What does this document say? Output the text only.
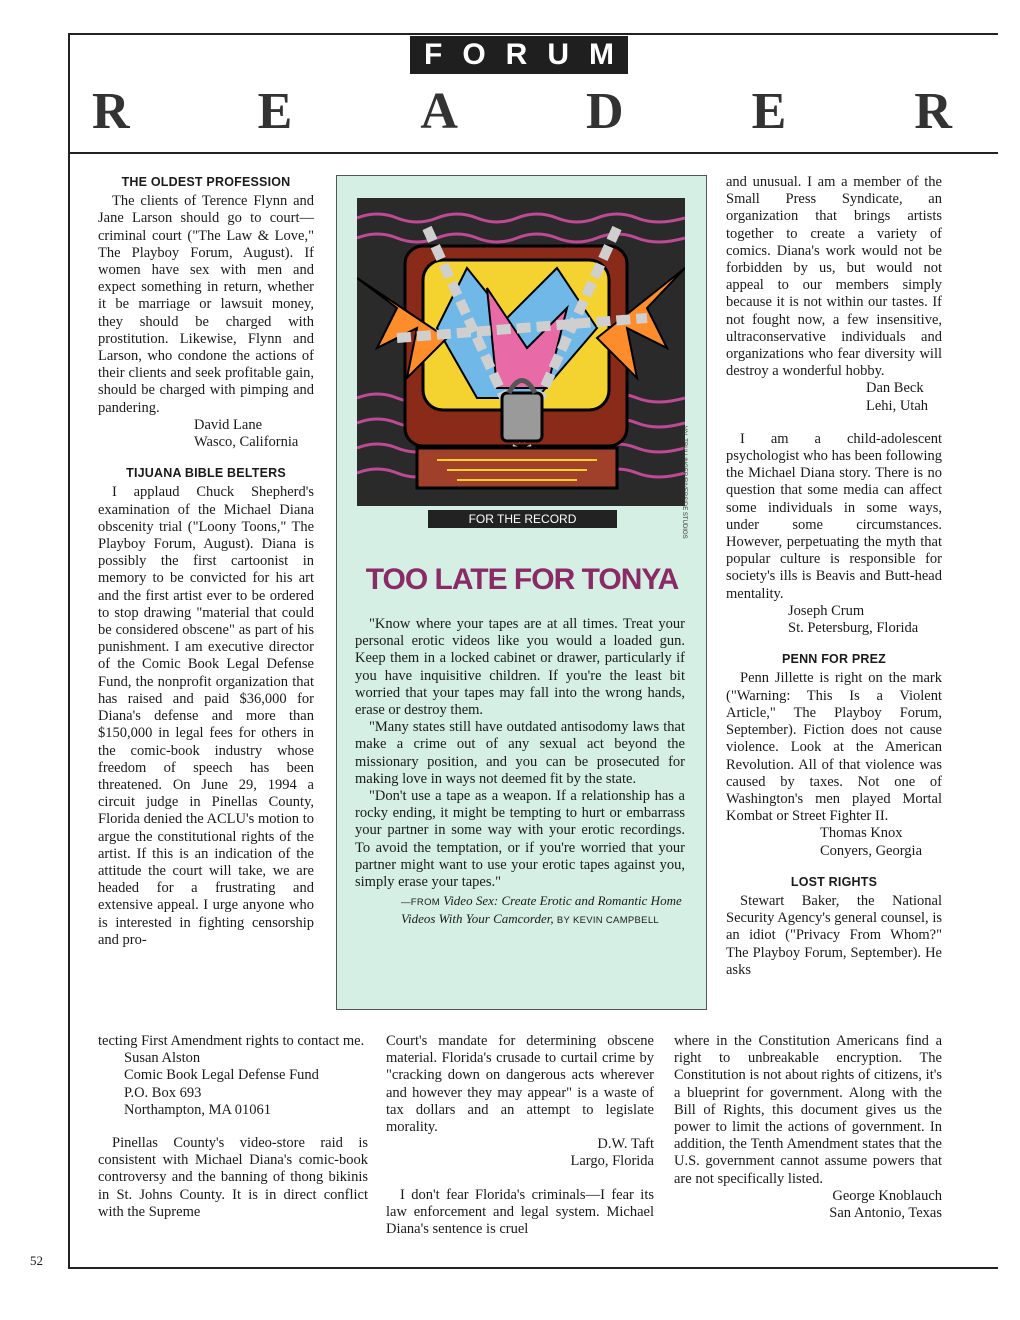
FORUM
R E A D E R
THE OLDEST PROFESSION

The clients of Terence Flynn and Jane Larson should go to court—criminal court ("The Law & Love," The Playboy Forum, August). If women have sex with men and expect something in return, whether it be marriage or lawsuit money, they should be charged with prostitution. Likewise, Flynn and Larson, who condone the actions of their clients and seek profitable gain, should be charged with pimping and pandering.

David Lane

Wasco, California

TIJUANA BIBLE BELTERS

I applaud Chuck Shepherd's examination of the Michael Diana obscenity trial ("Loony Toons," The Playboy Forum, August). Diana is possibly the first cartoonist in memory to be convicted for his art and the first artist ever to be ordered to stop drawing "material that could be considered obscene" as part of his punishment. I am executive director of the Comic Book Legal Defense Fund, the nonprofit organization that has raised and paid $36,000 for Diana's defense and more than $150,000 in legal fees for others in the comic-book industry whose freedom of speech has been threatened. On June 29, 1994 a circuit judge in Pinellas County, Florida denied the ACLU's motion to argue the constitutional rights of the artist. If this is an indication of the attitude the court will take, we are headed for a frustrating and extensive appeal. I urge anyone who is interested in fighting censorship and pro-

tecting First Amendment rights to contact me.

Susan Alston

Comic Book Legal Defense Fund

P.O. Box 693

Northampton, MA 01061

Pinellas County's video-store raid is consistent with Michael Diana's comic-book controversy and the banning of thong bikinis in St. Johns County. It is in direct conflict with the Supreme

Court's mandate for determining obscene material. Florida's crusade to curtail crime by "cracking down on dangerous acts wherever and however they may appear" is a waste of tax dollars and an attempt to legislate morality.

D.W. Taft

Largo, Florida

I don't fear Florida's criminals—I fear its law enforcement and legal system. Michael Diana's sentence is cruel

and unusual. I am a member of the Small Press Syndicate, an organization that brings artists together to create a variety of comics. Diana's work would not be forbidden by us, but would not appeal to our members simply because it is not within our tastes. If not fought now, a few insensitive, ultraconservative individuals and organizations who fear diversity will destroy a wonderful hobby.

Dan Beck

Lehi, Utah

I am a child-adolescent psychologist who has been following the Michael Diana story. There is no question that some media can affect some individuals in some ways, under some circumstances. However, perpetuating the myth that popular culture is responsible for society's ills is Beavis and Butt-head mentality.

Joseph Crum

St. Petersburg, Florida

PENN FOR PREZ

Penn Jillette is right on the mark ("Warning: This Is a Violent Article," The Playboy Forum, September). Fiction does not cause violence. Look at the American Revolution. All of that violence was caused by taxes. Not one of Washington's men played Mortal Kombat or Street Fighter II.

Thomas Knox

Conyers, Georgia

LOST RIGHTS

Stewart Baker, the National Security Agency's general counsel, is an idiot ("Privacy From Whom?" The Playboy Forum, September). He asks

where in the Constitution Americans find a right to unbreakable encryption. The Constitution is not about rights of citizens, it's a blueprint for government. Along with the Bill of Rights, this document gives us the power to limit the actions of government. In addition, the Tenth Amendment states that the U.S. government cannot assume powers that are not specifically listed.

George Knoblauch

San Antonio, Texas

VAL TRULLINGER/RIVERSIDE STUDIOS
FOR THE RECORD
TOO LATE FOR TONYA

"Know where your tapes are at all times. Treat your personal erotic videos like you would a loaded gun. Keep them in a locked cabinet or drawer, particularly if you have inquisitive children. If you're the least bit worried that your tapes may fall into the wrong hands, erase or destroy them.

"Many states still have outdated antisodomy laws that make a crime out of any sexual act beyond the missionary position, and you can be prosecuted for making love in ways not deemed fit by the state.

"Don't use a tape as a weapon. If a relationship has a rocky ending, it might be tempting to hurt or embarrass your partner in some way with your erotic recordings. To avoid the temptation, or if you're worried that your partner might want to use your erotic tapes against you, simply erase your tapes."

—FROM Video Sex: Create Erotic and Romantic Home Videos With Your Camcorder, BY KEVIN CAMPBELL
52
